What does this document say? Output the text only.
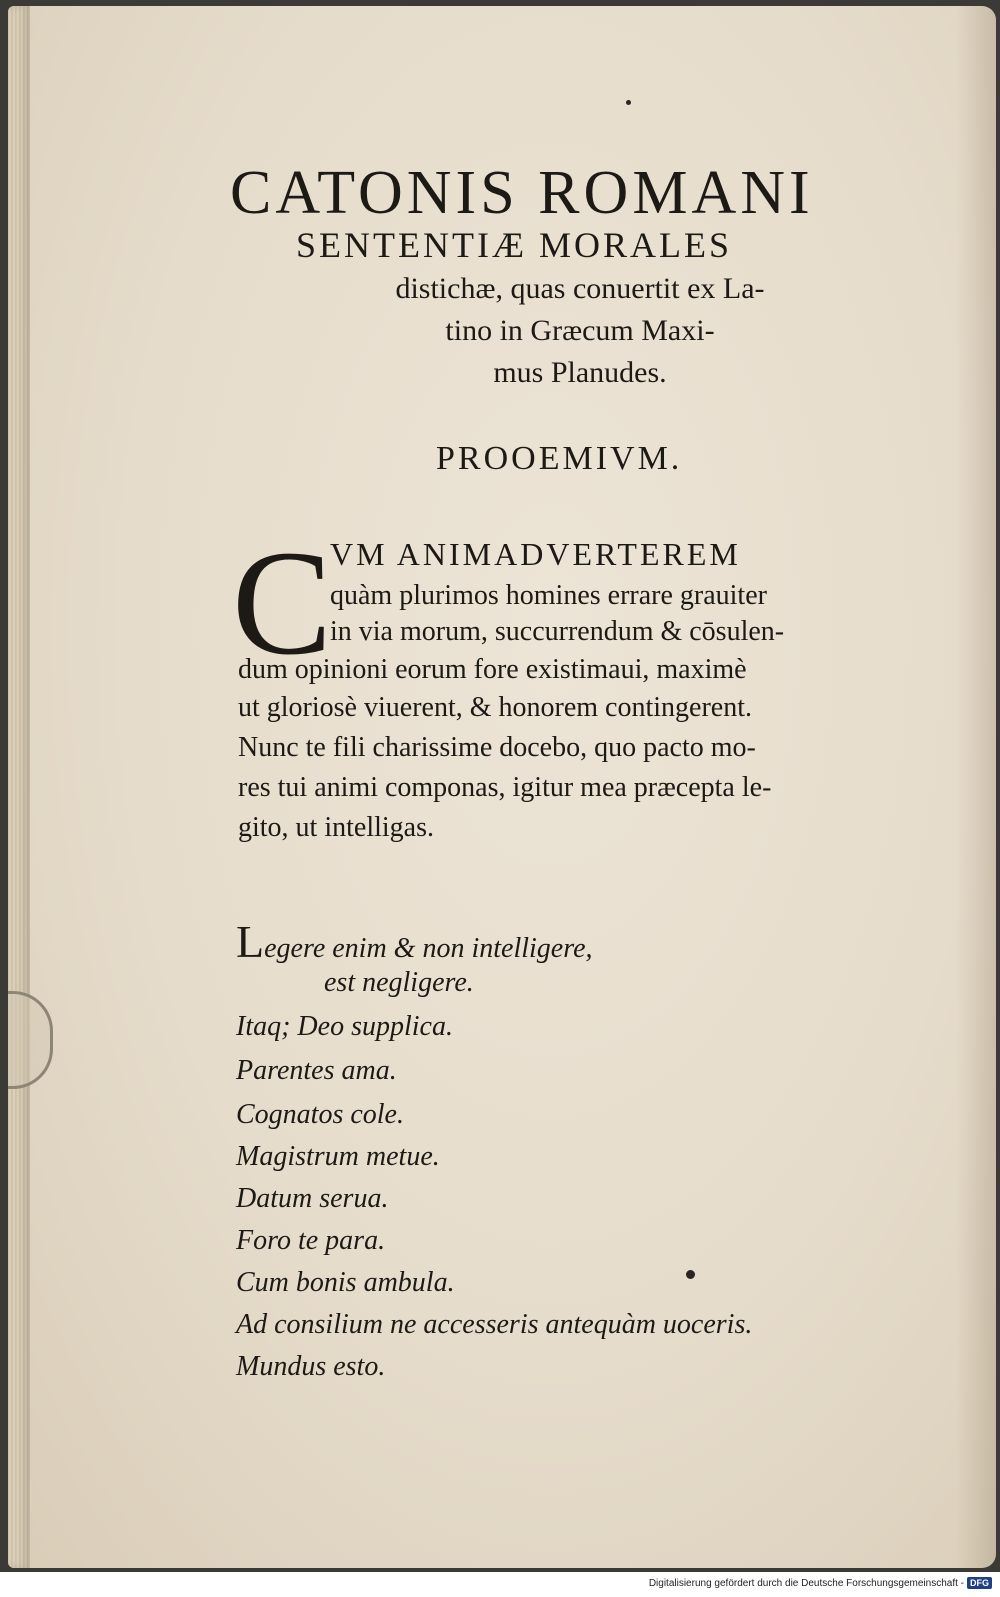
CATONIS ROMANI
SENTENTIÆ MORALES
distichæ, quas conuertit ex La-
tino in Græcum Maxi-
mus Planudes.
PROOEMIVM.
C
VM ANIMADVERTEREM
quàm plurimos homines errare grauiter
in via morum, succurrendum & cōsulen-
dum opinioni eorum fore existimaui, maximè
ut gloriosè viuerent, & honorem contingerent.
Nunc te fili charissime docebo, quo pacto mo-
res tui animi componas, igitur mea præcepta le-
gito, ut intelligas.
Legere enim & non intelligere,
est negligere.
Itaq; Deo supplica.
Parentes ama.
Cognatos cole.
Magistrum metue.
Datum serua.
Foro te para.
Cum bonis ambula.
Ad consilium ne accesseris antequàm uoceris.
Mundus esto.
Digitalisierung gefördert durch die Deutsche Forschungsgemeinschaft - DFG
